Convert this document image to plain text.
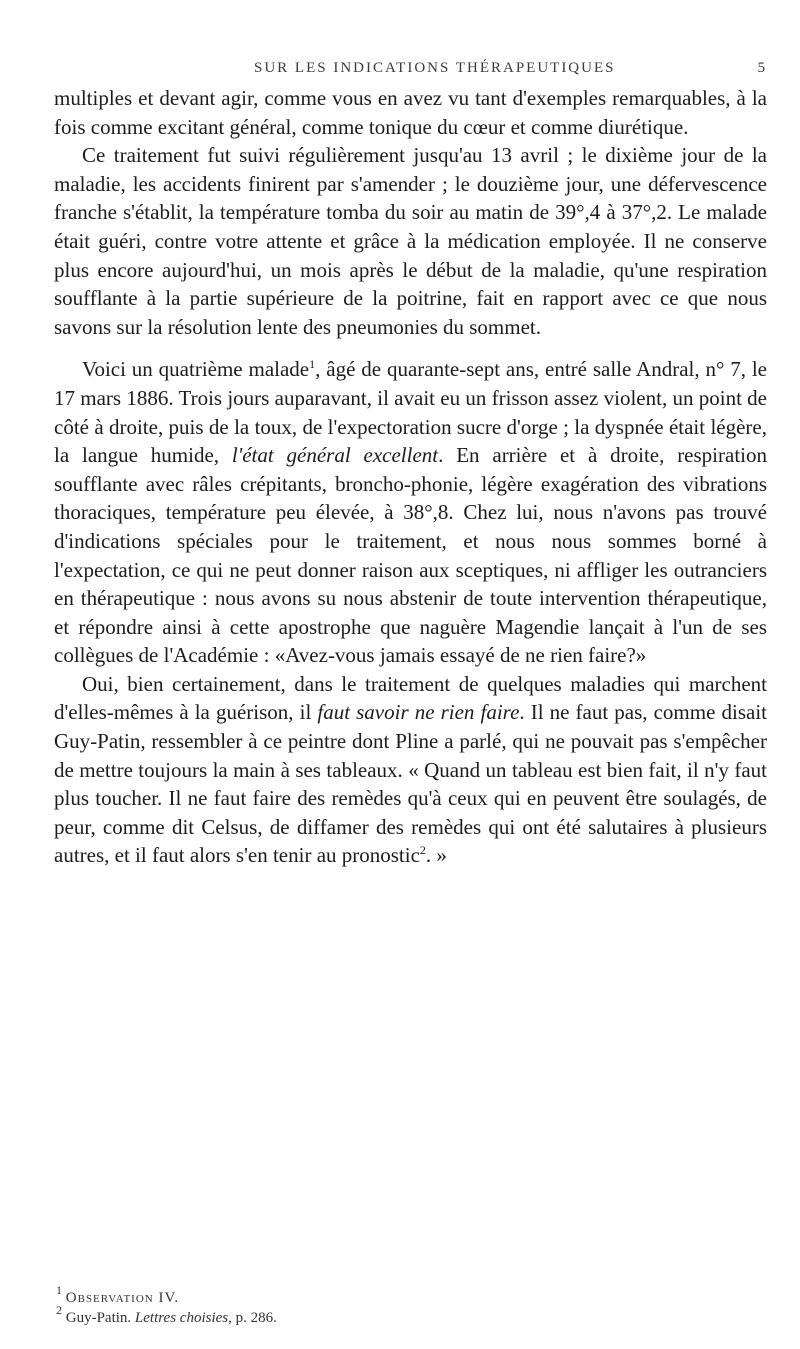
SUR LES INDICATIONS THÉRAPEUTIQUES	5

multiples et devant agir, comme vous en avez vu tant d'exemples remarquables, à la fois comme excitant général, comme tonique du cœur et comme diurétique.

Ce traitement fut suivi régulièrement jusqu'au 13 avril ; le dixième jour de la maladie, les accidents finirent par s'amender ; le douzième jour, une défervescence franche s'établit, la température tomba du soir au matin de 39°,4 à 37°,2. Le malade était guéri, contre votre attente et grâce à la médication employée. Il ne conserve plus encore aujourd'hui, un mois après le début de la maladie, qu'une respiration soufflante à la partie supérieure de la poitrine, fait en rapport avec ce que nous savons sur la résolution lente des pneumonies du sommet.

Voici un quatrième malade$^1$, âgé de quarante-sept ans, entré salle Andral, n° 7, le 17 mars 1886. Trois jours auparavant, il avait eu un frisson assez violent, un point de côté à droite, puis de la toux, de l'expectoration sucre d'orge ; la dyspnée était légère, la langue humide, l'état général excellent. En arrière et à droite, respiration soufflante avec râles crépitants, broncho-phonie, légère exagération des vibrations thoraciques, température peu élevée, à 38°,8. Chez lui, nous n'avons pas trouvé d'indications spéciales pour le traitement, et nous nous sommes borné à l'expectation, ce qui ne peut donner raison aux sceptiques, ni affliger les outranciers en thérapeutique : nous avons su nous abstenir de toute intervention thérapeutique, et répondre ainsi à cette apostrophe que naguère Magendie lançait à l'un de ses collègues de l'Académie : «Avez-vous jamais essayé de ne rien faire?»

Oui, bien certainement, dans le traitement de quelques maladies qui marchent d'elles-mêmes à la guérison, il faut savoir ne rien faire. Il ne faut pas, comme disait Guy-Patin, ressembler à ce peintre dont Pline a parlé, qui ne pouvait pas s'empêcher de mettre toujours la main à ses tableaux. « Quand un tableau est bien fait, il n'y faut plus toucher. Il ne faut faire des remèdes qu'à ceux qui en peuvent être soulagés, de peur, comme dit Celsus, de diffamer des remèdes qui ont été salutaires à plusieurs autres, et il faut alors s'en tenir au pronostic$^2$. »

$^1$ Observation IV.

$^2$ Guy-Patin. Lettres choisies, p. 286.
